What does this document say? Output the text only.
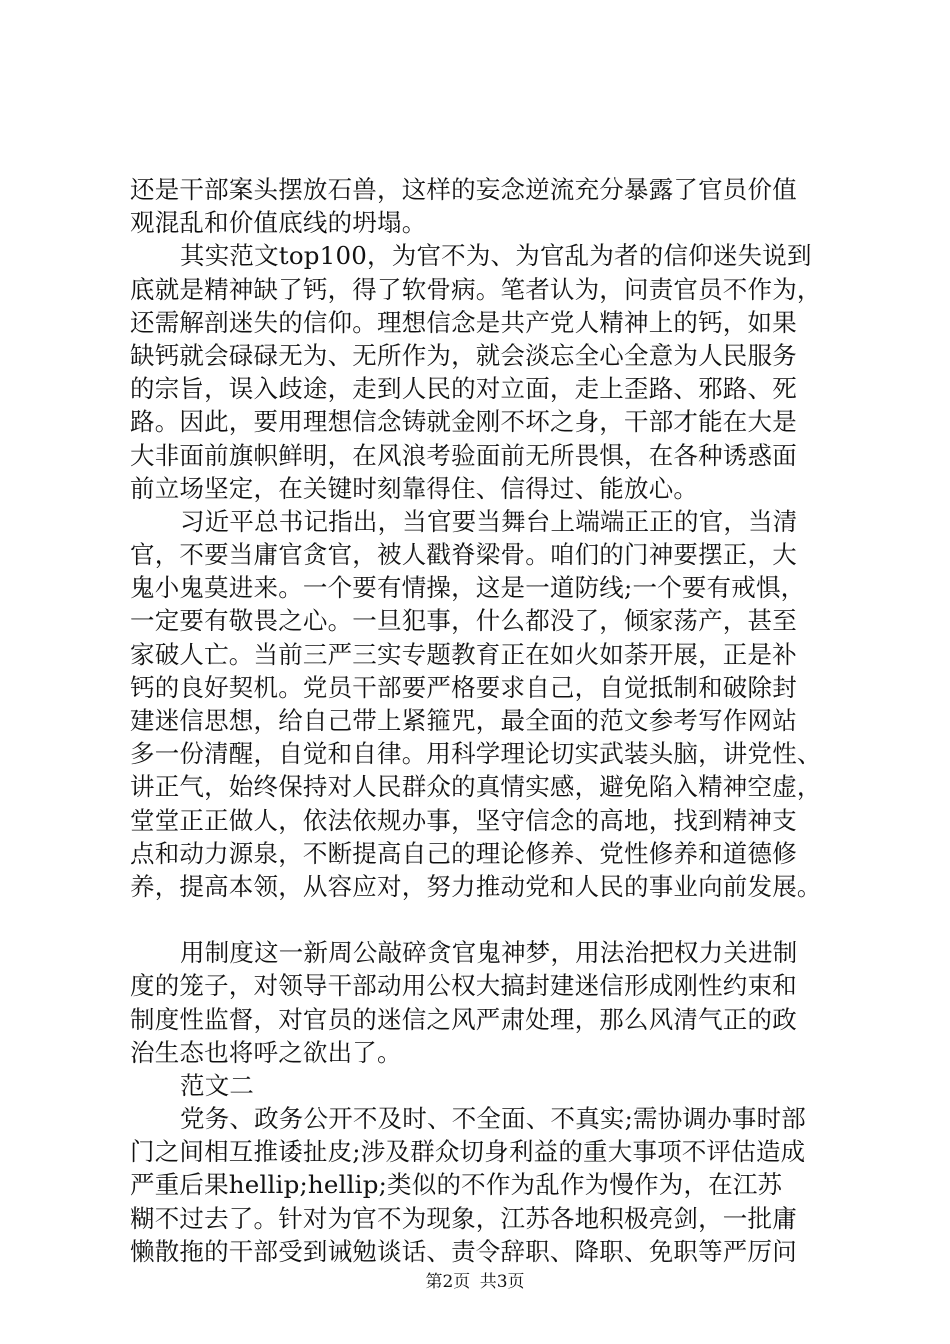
还是干部案头摆放石兽，这样的妄念逆流充分暴露了官员价值
观混乱和价值底线的坍塌。
其实范文top100，为官不为、为官乱为者的信仰迷失说到
底就是精神缺了钙，得了软骨病。笔者认为，问责官员不作为，
还需解剖迷失的信仰。理想信念是共产党人精神上的钙，如果
缺钙就会碌碌无为、无所作为，就会淡忘全心全意为人民服务
的宗旨，误入歧途，走到人民的对立面，走上歪路、邪路、死
路。因此，要用理想信念铸就金刚不坏之身，干部才能在大是
大非面前旗帜鲜明，在风浪考验面前无所畏惧，在各种诱惑面
前立场坚定，在关键时刻靠得住、信得过、能放心。
习近平总书记指出，当官要当舞台上端端正正的官，当清
官，不要当庸官贪官，被人戳脊梁骨。咱们的门神要摆正，大
鬼小鬼莫进来。一个要有情操，这是一道防线;一个要有戒惧，
一定要有敬畏之心。一旦犯事，什么都没了，倾家荡产，甚至
家破人亡。当前三严三实专题教育正在如火如荼开展，正是补
钙的良好契机。党员干部要严格要求自己，自觉抵制和破除封
建迷信思想，给自己带上紧箍咒，最全面的范文参考写作网站
多一份清醒，自觉和自律。用科学理论切实武装头脑，讲党性、
讲正气，始终保持对人民群众的真情实感，避免陷入精神空虚，
堂堂正正做人，依法依规办事，坚守信念的高地，找到精神支
点和动力源泉，不断提高自己的理论修养、党性修养和道德修
养，提高本领，从容应对，努力推动党和人民的事业向前发展。
用制度这一新周公敲碎贪官鬼神梦，用法治把权力关进制
度的笼子，对领导干部动用公权大搞封建迷信形成刚性约束和
制度性监督，对官员的迷信之风严肃处理，那么风清气正的政
治生态也将呼之欲出了。
范文二
党务、政务公开不及时、不全面、不真实;需协调办事时部
门之间相互推诿扯皮;涉及群众切身利益的重大事项不评估造成
严重后果hellip;hellip;类似的不作为乱作为慢作为，在江苏
糊不过去了。针对为官不为现象，江苏各地积极亮剑，一批庸
懒散拖的干部受到诫勉谈话、责令辞职、降职、免职等严厉问
第2页 共3页
